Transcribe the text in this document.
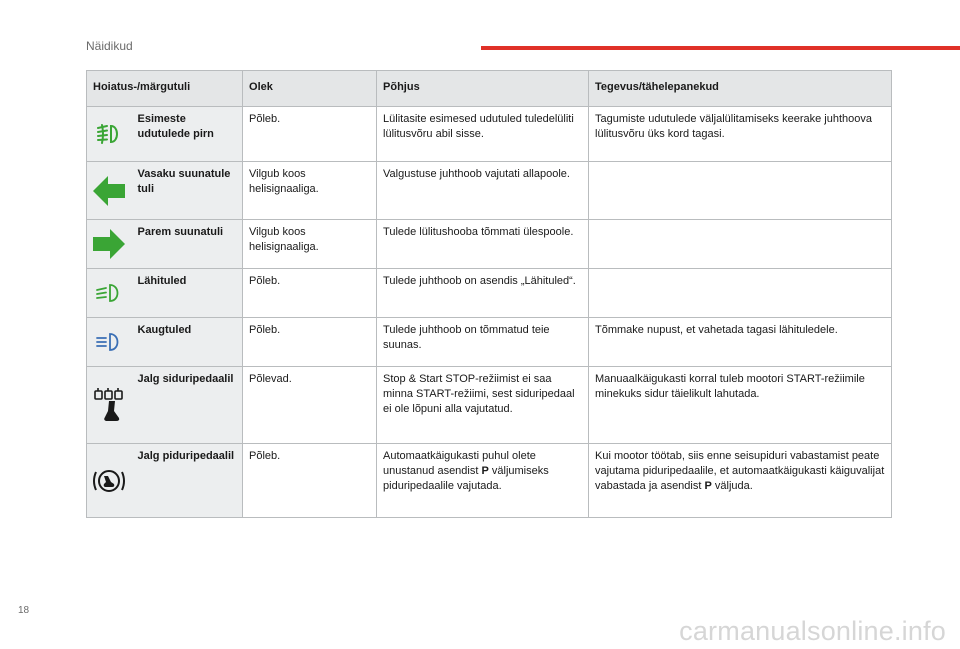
Näidikud
Hoiatus-/märgutuli		Olek	Põhjus	Tegevus/tähelepanekud

	Esimeste udutulede pirn	Põleb.	Lülitasite esimesed udutuled tuledelüliti lülitusvõru abil sisse.	Tagumiste udutulede väljalülitamiseks keerake juhthoova lülitusvõru üks kord tagasi.

	Vasaku suunatule tuli	Vilgub koos helisignaaliga.	Valgustuse juhthoob vajutati allapoole.	

	Parem suunatuli	Vilgub koos helisignaaliga.	Tulede lülitushooba tõmmati ülespoole.	

	Lähituled	Põleb.	Tulede juhthoob on asendis „Lähituled“.	

	Kaugtuled	Põleb.	Tulede juhthoob on tõmmatud teie suunas.	Tõmmake nupust, et vahetada tagasi lähituledele.

	Jalg siduripedaalil	Põlevad.	Stop & Start STOP-režiimist ei saa minna START-režiimi, sest siduripedaal ei ole lõpuni alla vajutatud.	Manuaalkäigukasti korral tuleb mootori START-režiimile minekuks sidur täielikult lahutada.

	Jalg piduripedaalil	Põleb.	Automaatkäigukasti puhul olete unustanud asendist P väljumiseks piduripedaalile vajutada.	Kui mootor töötab, siis enne seisupiduri vabastamist peate vajutama piduripedaalile, et automaatkäigukasti käiguvalijat vabastada ja asendist P väljuda.
18
carmanualsonline.info
